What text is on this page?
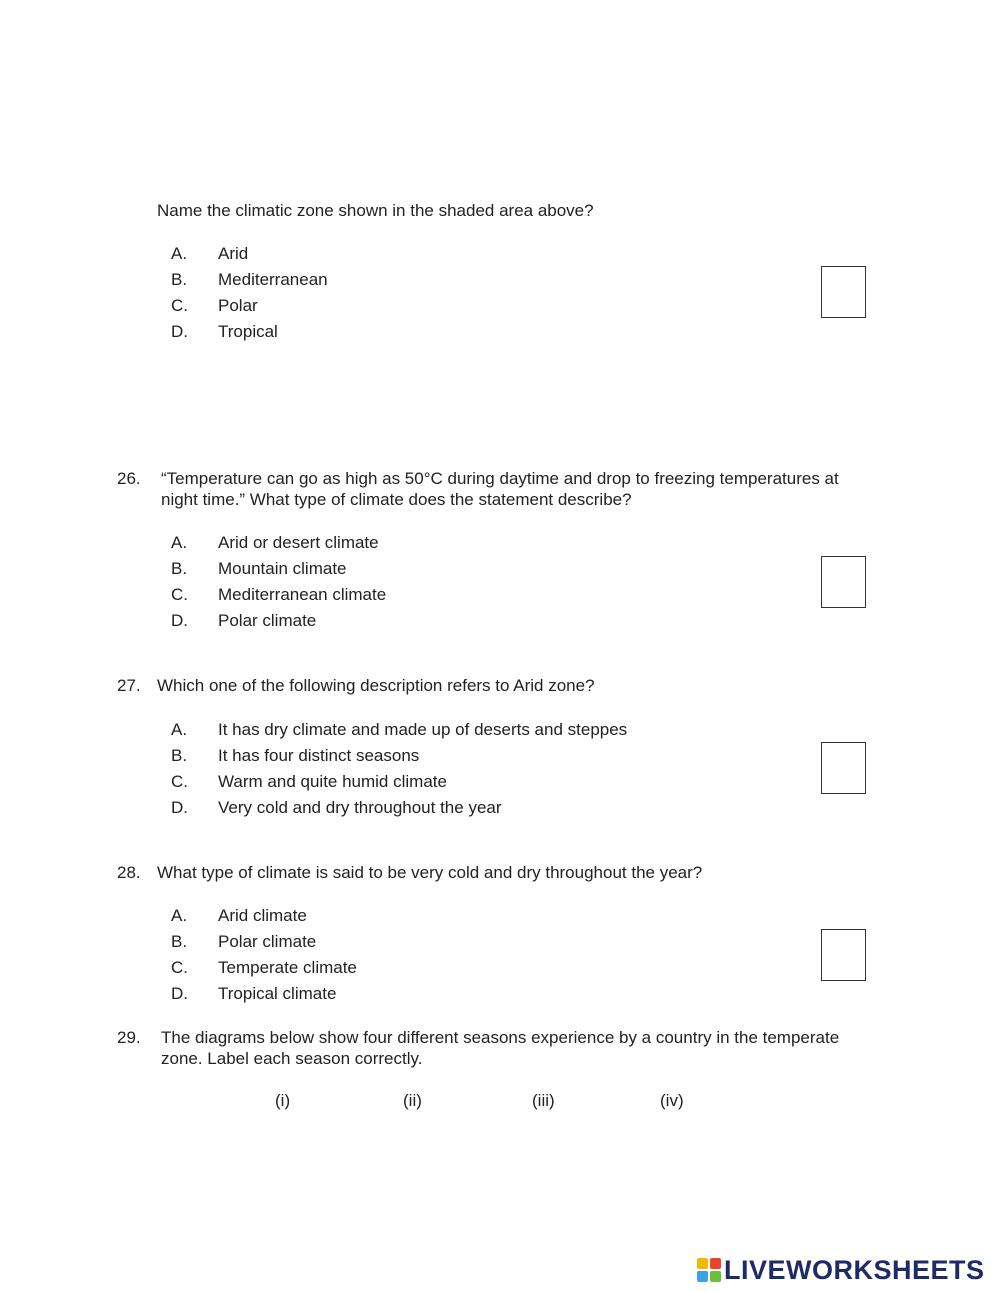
Name the climatic zone shown in the shaded area above?
A. Arid
B. Mediterranean
C. Polar
D. Tropical
26. “Temperature can go as high as 50°C during daytime and drop to freezing temperatures at
night time.” What type of climate does the statement describe?
A. Arid or desert climate
B. Mountain climate
C. Mediterranean climate
D. Polar climate
27. Which one of the following description refers to Arid zone?
A. It has dry climate and made up of deserts and steppes
B. It has four distinct seasons
C. Warm and quite humid climate
D. Very cold and dry throughout the year
28. What type of climate is said to be very cold and dry throughout the year?
A. Arid climate
B. Polar climate
C. Temperate climate
D. Tropical climate
29. The diagrams below show four different seasons experience by a country in the temperate
zone. Label each season correctly.
(i)	(ii)	(iii)	(iv)
LIVEWORKSHEETS
